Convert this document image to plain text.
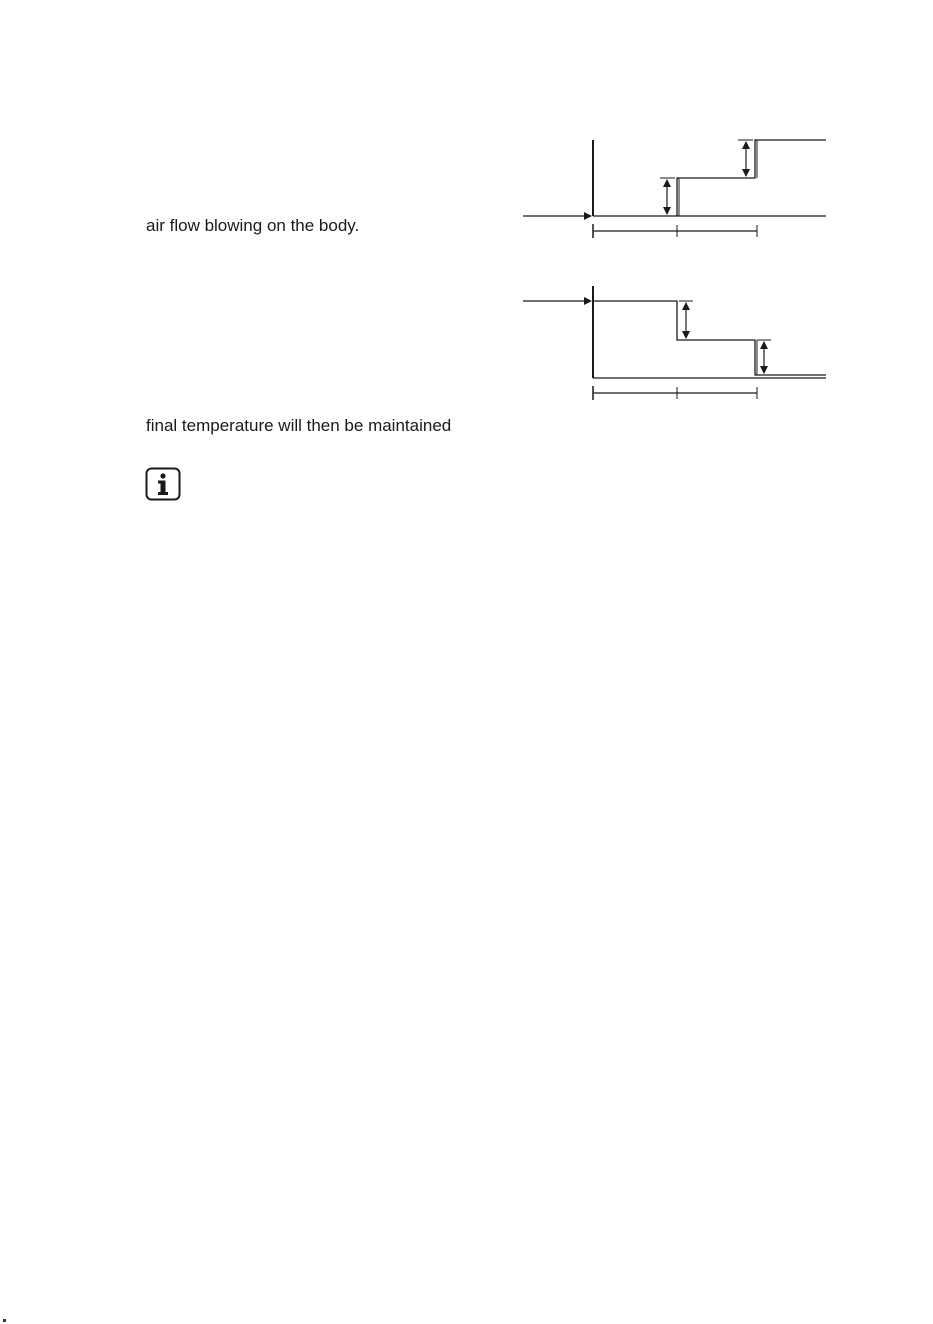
air flow blowing on the body.
final temperature will then be maintained
